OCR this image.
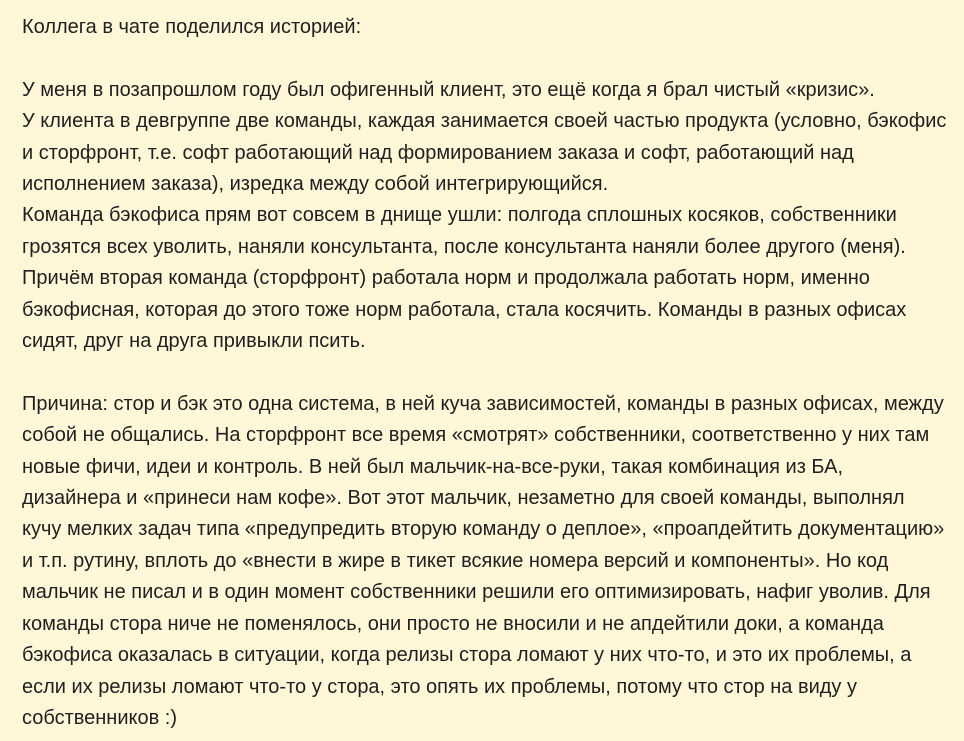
Коллега в чате поделился историей:
У меня в позапрошлом году был офигенный клиент, это ещё когда я брал чистый «кризис».
У клиента в девгруппе две команды, каждая занимается своей частью продукта (условно, бэкофис
и сторфронт, т.е. софт работающий над формированием заказа и софт, работающий над
исполнением заказа), изредка между собой интегрирующийся.
Команда бэкофиса прям вот совсем в днище ушли: полгода сплошных косяков, собственники
грозятся всех уволить, наняли консультанта, после консультанта наняли более другого (меня).
Причём вторая команда (сторфронт) работала норм и продолжала работать норм, именно
бэкофисная, которая до этого тоже норм работала, стала косячить. Команды в разных офисах
сидят, друг на друга привыкли псить.
Причина: стор и бэк это одна система, в ней куча зависимостей, команды в разных офисах, между
собой не общались. На сторфронт все время «смотрят» собственники, соответственно у них там
новые фичи, идеи и контроль. В ней был мальчик-на-все-руки, такая комбинация из БА,
дизайнера и «принеси нам кофе». Вот этот мальчик, незаметно для своей команды, выполнял
кучу мелких задач типа «предупредить вторую команду о деплое», «проапдейтить документацию»
и т.п. рутину, вплоть до «внести в жире в тикет всякие номера версий и компоненты». Но код
мальчик не писал и в один момент собственники решили его оптимизировать, нафиг уволив. Для
команды стора ниче не поменялось, они просто не вносили и не апдейтили доки, а команда
бэкофиса оказалась в ситуации, когда релизы стора ломают у них что-то, и это их проблемы, а
если их релизы ломают что-то у стора, это опять их проблемы, потому что стор на виду у
собственников :)
